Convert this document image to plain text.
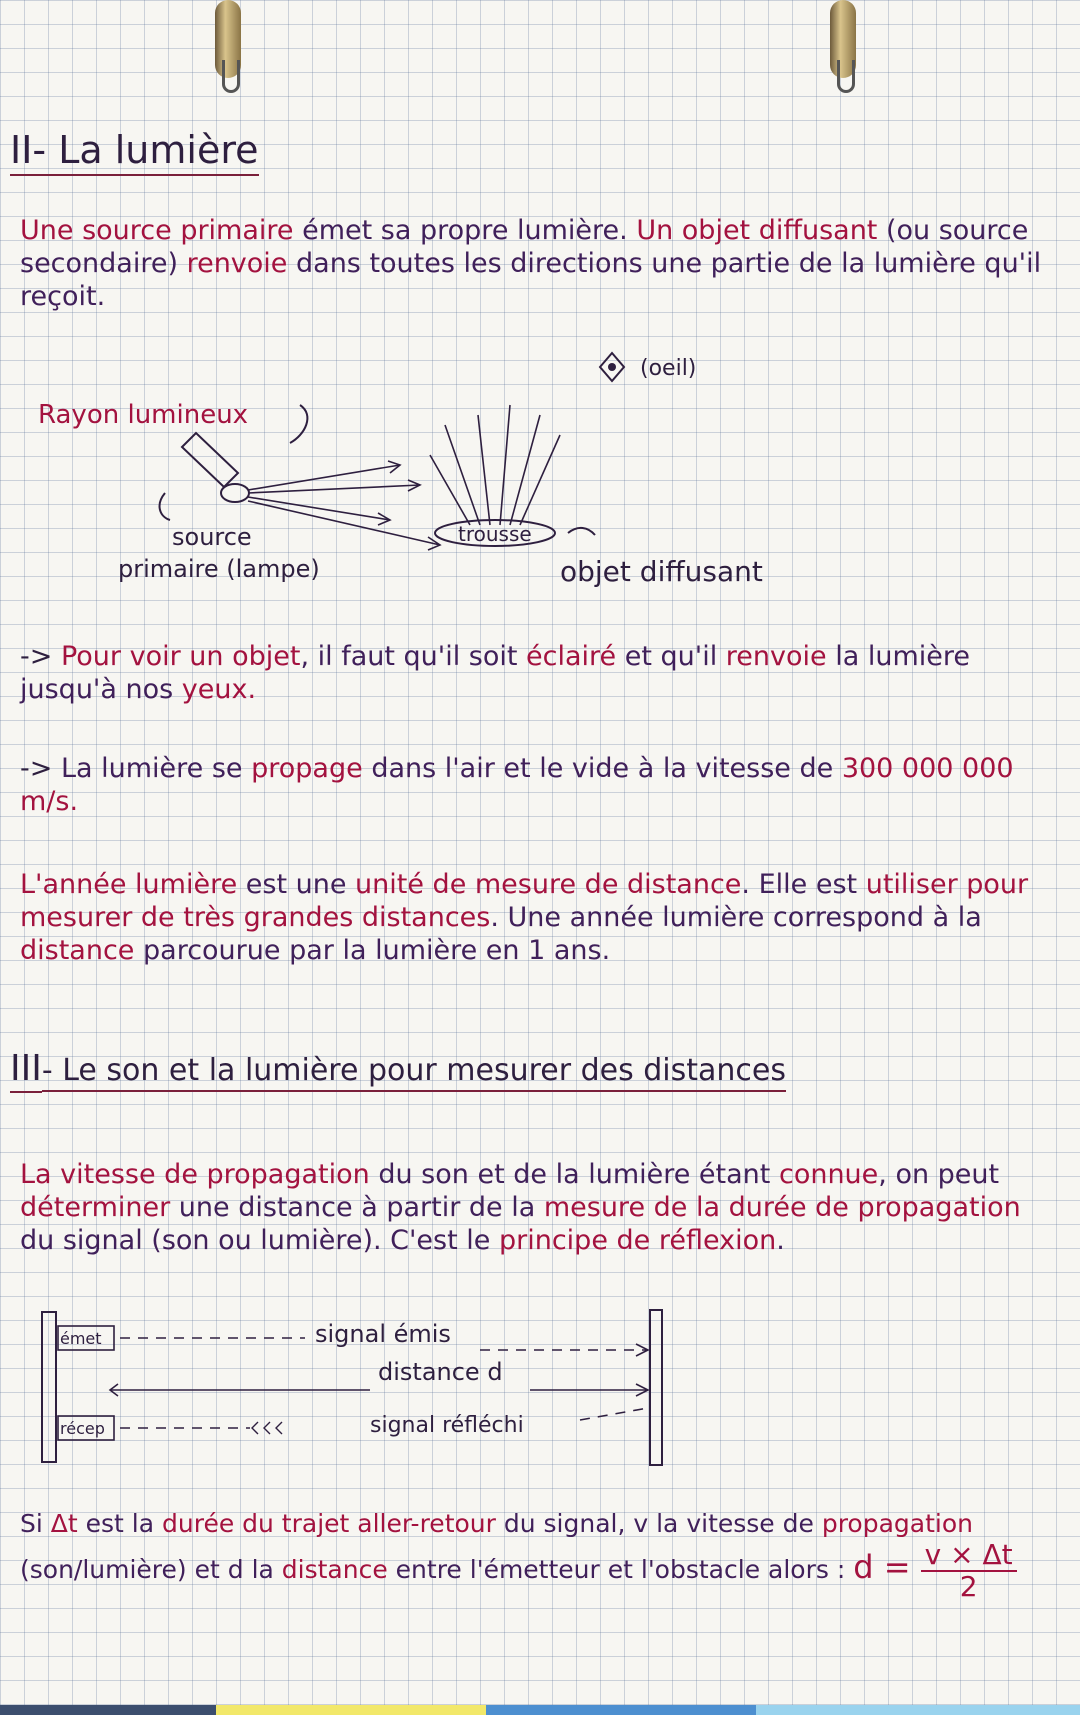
II- La lumière
Une source primaire émet sa propre lumière. Un objet diffusant (ou source secondaire) renvoie dans toutes les directions une partie de la lumière qu'il reçoit.
(oeil)
Rayon lumineux
trousse
source
primaire (lampe)	objet diffusant
-> Pour voir un objet, il faut qu'il soit éclairé et qu'il renvoie la lumière jusqu'à nos yeux.
-> La lumière se propage dans l'air et le vide à la vitesse de 300 000 000 m/s.
L'année lumière est une unité de mesure de distance. Elle est utiliser pour mesurer de très grandes distances. Une année lumière correspond à la distance parcourue par la lumière en 1 ans.
III- Le son et la lumière pour mesurer des distances
La vitesse de propagation du son et de la lumière étant connue, on peut déterminer une distance à partir de la mesure de la durée de propagation du signal (son ou lumière). C'est le principe de réflexion.
émet
récep
signal émis
distance d
signal réfléchi
Si Δt est la durée du trajet aller-retour du signal, v la vitesse de propagation (son/lumière) et d la distance entre l'émetteur et l'obstacle alors : $d = \frac{v \times \Delta t}{2}$
